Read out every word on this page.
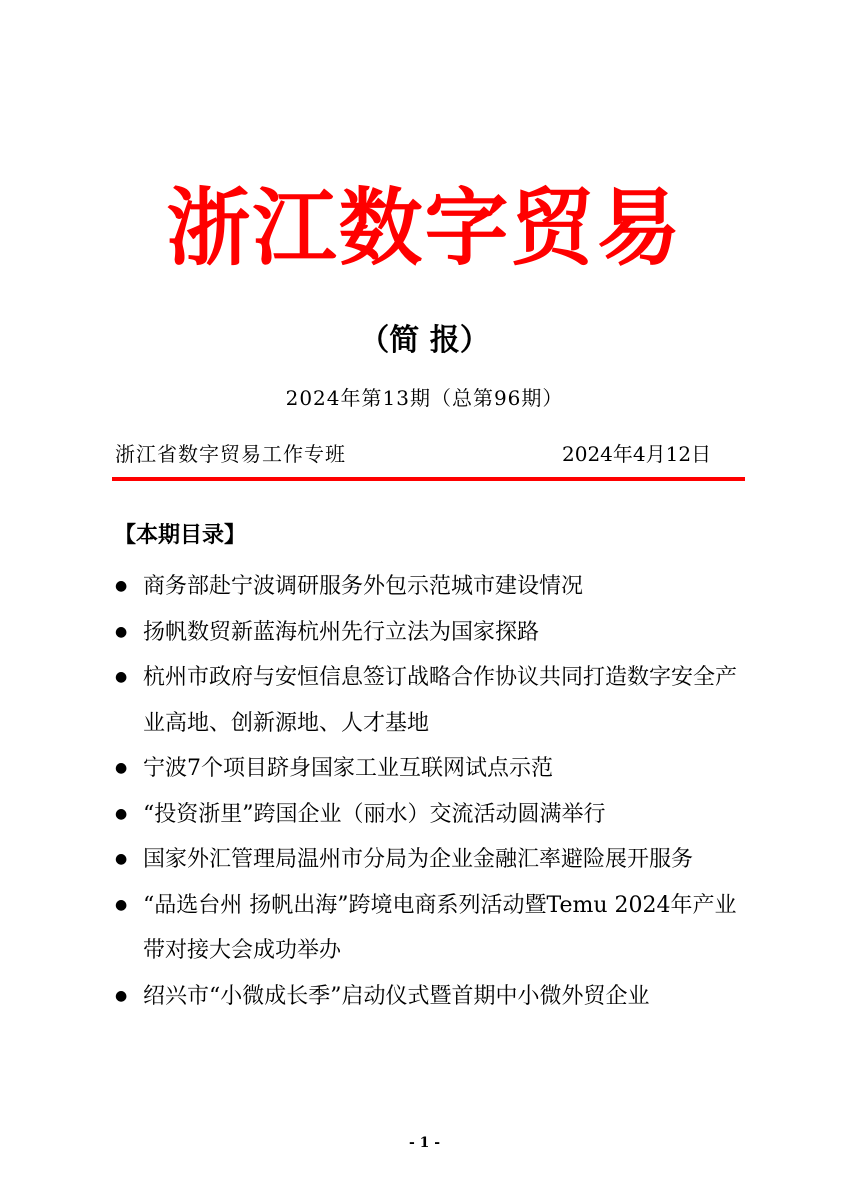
浙江数字贸易
（简 报）
2024年第13期（总第96期）
浙江省数字贸易工作专班	2024年4月12日
【本期目录】
● 商务部赴宁波调研服务外包示范城市建设情况
● 扬帆数贸新蓝海杭州先行立法为国家探路
● 杭州市政府与安恒信息签订战略合作协议共同打造数字安全产业高地、创新源地、人才基地
● 宁波7个项目跻身国家工业互联网试点示范
● “投资浙里”跨国企业（丽水）交流活动圆满举行
● 国家外汇管理局温州市分局为企业金融汇率避险展开服务
● “品选台州 扬帆出海”跨境电商系列活动暨Temu 2024年产业带对接大会成功举办
● 绍兴市“小微成长季”启动仪式暨首期中小微外贸企业
- 1 -
